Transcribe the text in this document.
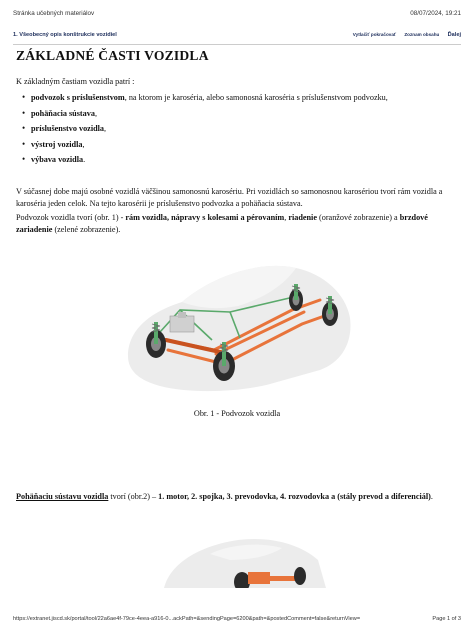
Stránka učebných materiálov	08/07/2024, 19:21
1. Všeobecný opis konštrukcie vozidiel	Vytlačiť pokračovať Zoznam obsahu Ďalej
ZÁKLADNÉ ČASTI VOZIDLA
K základným častiam vozidla patrí :
• podvozok s príslušenstvom, na ktorom je karoséria, alebo samonosná karoséria s príslušenstvom podvozku,
• pohäňacia sústava,
• príslušenstvo vozidla,
• výstroj vozidla,
• výbava vozidla.
V súčasnej dobe majú osobné vozidlá väčšinou samonosnú karosériu. Pri vozidlách so samonosnou karosériou tvorí rám vozidla a karoséria jeden celok. Na tejto karosérii je príslušenstvo podvozka a pohäňacia sústava.
Podvozok vozidla tvorí (obr. 1) - rám vozidla, nápravy s kolesami a pérovaním, riadenie (oranžové zobrazenie) a brzdové zariadenie (zelené zobrazenie).
Obr. 1 - Podvozok vozidla
Pohäňaciu sústavu vozidla tvorí (obr.2) – 1. motor, 2. spojka, 3. prevodovka, 4. rozvodovka a (stály prevod a diferenciál).
https://extranet.jiscd.sk/portal/tool/22a6ae4f-79ce-4eea-a916-0...ackPath=&sendingPage=6200&path=&postedComment=false&returnView=	Page 1 of 3
